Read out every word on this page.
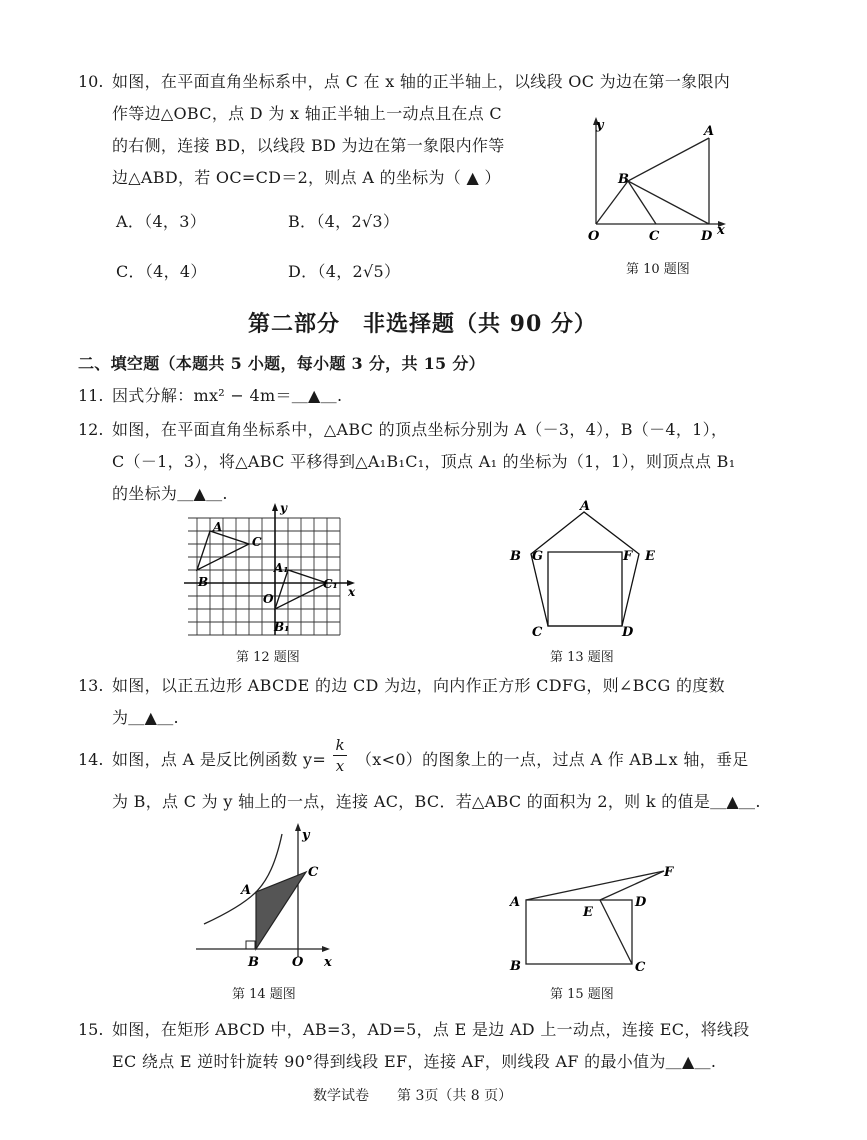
10. 如图，在平面直角坐标系中，点 C 在 x 轴的正半轴上，以线段 OC 为边在第一象限内
作等边△OBC，点 D 为 x 轴正半轴上一动点且在点 C
的右侧，连接 BD，以线段 BD 为边在第一象限内作等
边△ABD，若 OC=CD＝2，则点 A 的坐标为（ ▲ ）
A．（4，3）	B．（4，2√3）
C．（4，4）	D．（4，2√5）
y
x
A
B
O	C	D
第 10 题图
第二部分　非选择题（共 90 分）
二、填空题（本题共 5 小题，每小题 3 分，共 15 分）
11. 因式分解：mx² − 4m＝＿▲＿.
12. 如图，在平面直角坐标系中，△ABC 的顶点坐标分别为 A（－3，4），B（－4，1），
C（－1，3），将△ABC 平移得到△A₁B₁C₁，顶点 A₁ 的坐标为（1，1），则顶点点 B₁
的坐标为＿▲＿.
y
x
A
B
C
O
A₁
B₁
C₁
第 12 题图
A
B G	F E
C	D
第 13 题图
13. 如图，以正五边形 ABCDE 的边 CD 为边，向内作正方形 CDFG，则∠BCG 的度数
为＿▲＿.
14. 如图，点 A 是反比例函数 y=
k
x （x<0）的图象上的一点，过点 A 作 AB⊥x 轴，垂足
为 B，点 C 为 y 轴上的一点，连接 AC，BC．若△ABC 的面积为 2，则 k 的值是＿▲＿.
y
x
A
B
C
O
第 14 题图
A
B	C
D
E
F
第 15 题图
15. 如图，在矩形 ABCD 中，AB=3，AD=5，点 E 是边 AD 上一动点，连接 EC，将线段
EC 绕点 E 逆时针旋转 90°得到线段 EF，连接 AF，则线段 AF 的最小值为＿▲＿.
数学试卷　　第 3页（共 8 页）
